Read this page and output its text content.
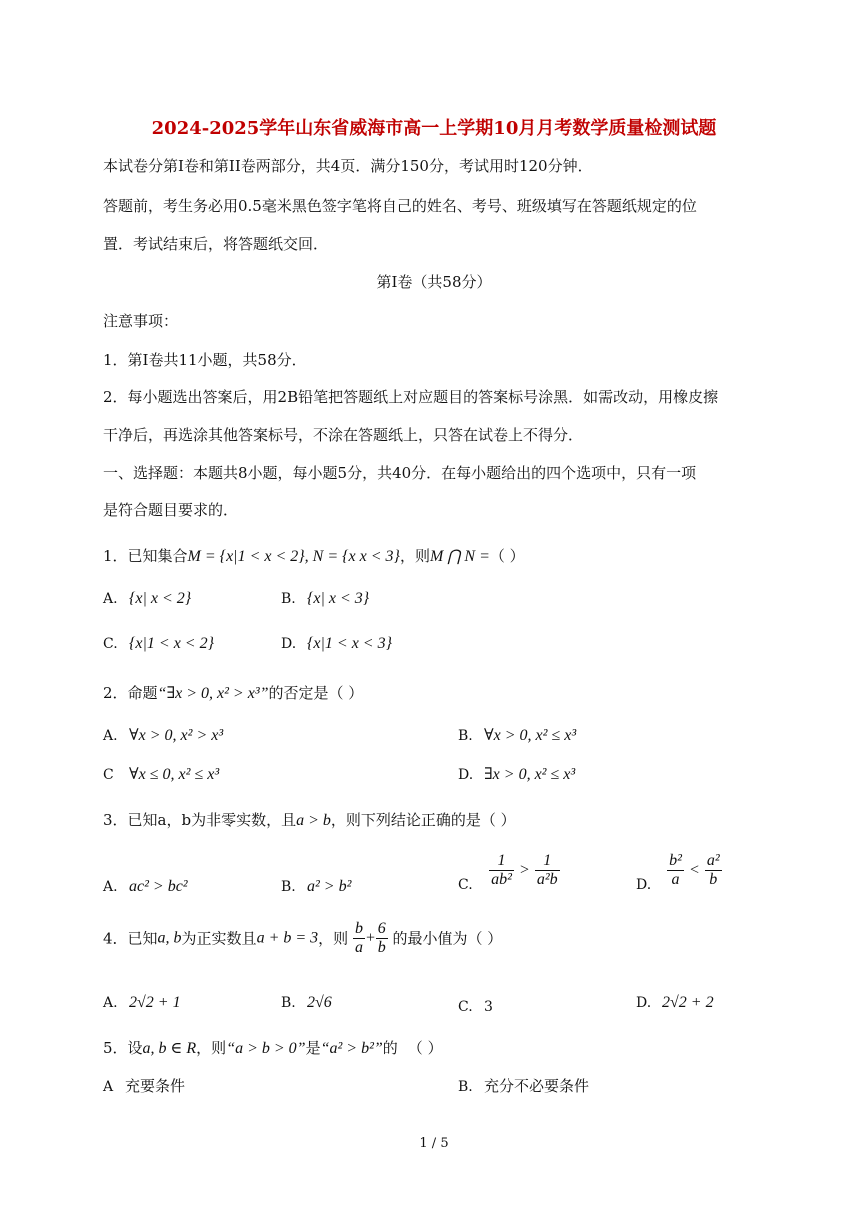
2024-2025学年山东省威海市高一上学期10月月考数学质量检测试题
本试卷分第I卷和第II卷两部分，共4页．满分150分，考试用时120分钟．
答题前，考生务必用0.5毫米黑色签字笔将自己的姓名、考号、班级填写在答题纸规定的位
置．考试结束后，将答题纸交回．
第I卷（共58分）
注意事项：
1．第I卷共11小题，共58分．
2．每小题选出答案后，用2B铅笔把答题纸上对应题目的答案标号涂黑．如需改动，用橡皮擦
干净后，再选涂其他答案标号，不涂在答题纸上，只答在试卷上不得分．
一、选择题：本题共8小题，每小题5分，共40分．在每小题给出的四个选项中，只有一项
是符合题目要求的．
1．已知集合M = {x|1 < x < 2}, N = {x x < 3}，则M ⋂ N =（ ）
A. {x| x < 2}	B. {x| x < 3}
C. {x|1 < x < 2}	D. {x|1 < x < 3}
2．命题“∃x > 0, x² > x³”的否定是（ ）
A. ∀x > 0, x² > x³	B. ∀x > 0, x² ≤ x³
C ∀x ≤ 0, x² ≤ x³	D. ∃x > 0, x² ≤ x³
3．已知a，b为非零实数，且a > b，则下列结论正确的是（ ）
A. ac² > bc²	B. a² > b²	C. $\frac{1}{\text{ab²}} > \frac{1}{\text{a²b}}$	D. $\frac{\text{b²}}{a} < \frac{\text{a²}}{b}$
4．已知a, b为正实数且a + b = 3，则 $\frac{b}{a} + \frac{6}{b}$ 的最小值为（ ）
A. 2√2 + 1	B. 2√6	C. 3	D. 2√2 + 2
5．设a, b ∈ R，则“a > b > 0”是“a² > b²”的 （ ）
A 充要条件	B. 充分不必要条件
1 / 5
